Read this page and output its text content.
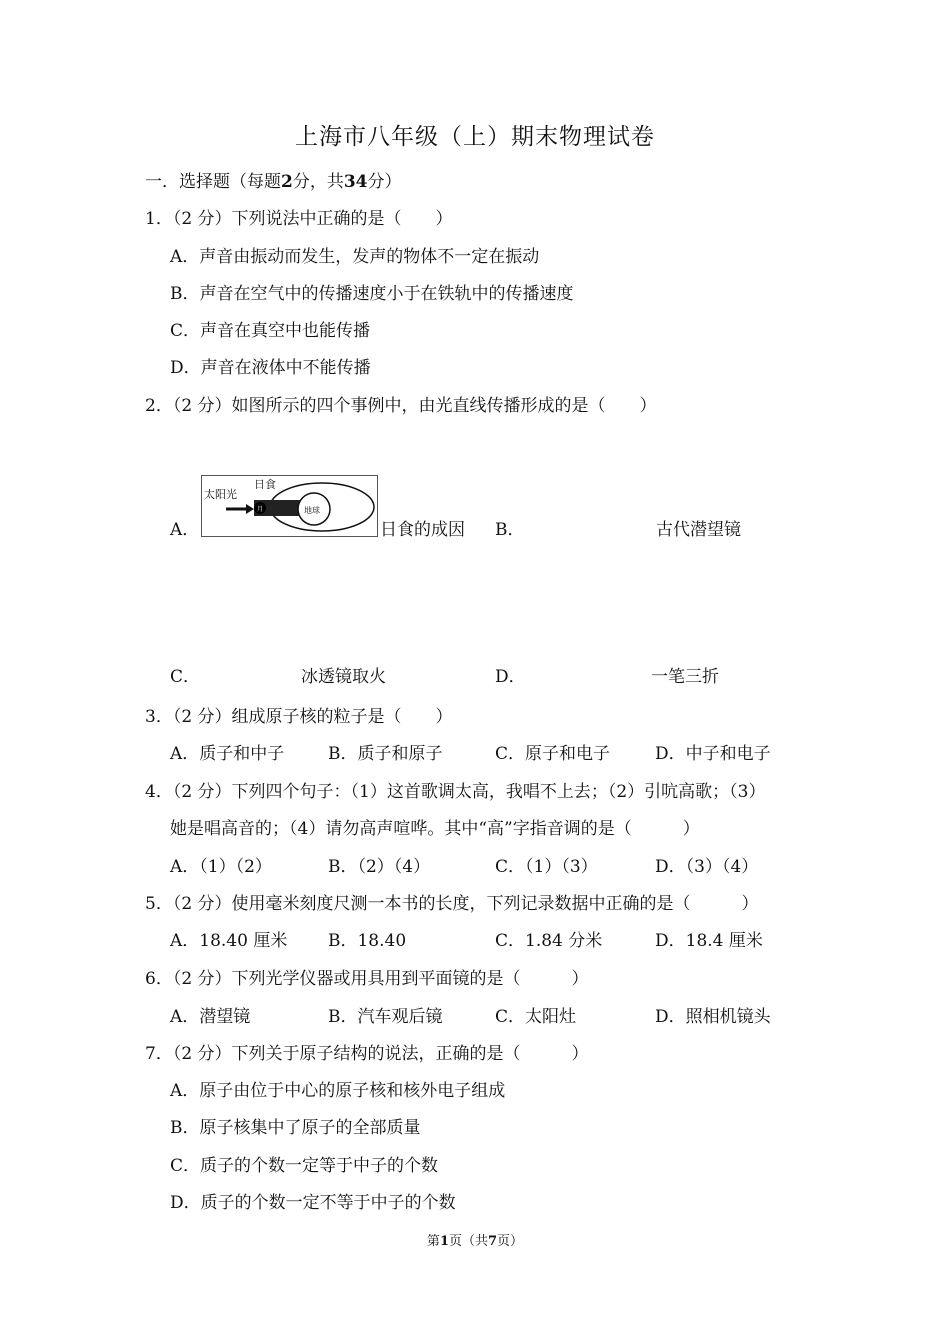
上海市八年级（上）期末物理试卷
一．选择题（每题2分，共34分）
1．（2 分）下列说法中正确的是（　　）
A．声音由振动而发生，发声的物体不一定在振动
B．声音在空气中的传播速度小于在铁轨中的传播速度
C．声音在真空中也能传播
D．声音在液体中不能传播
2．（2 分）如图所示的四个事例中，由光直线传播形成的是（　　）
A．
太阳光
日食
月	地球
日食的成因 B．	古代潜望镜
C．	冰透镜取火	D．	一笔三折
3．（2 分）组成原子核的粒子是（　　）
A．质子和中子	B．质子和原子	C．原子和电子	D．中子和电子
4．（2 分）下列四个句子：（1）这首歌调太高，我唱不上去；（2）引吭高歌；（3）
她是唱高音的；（4）请勿高声喧哗。其中“高”字指音调的是（　　　）
A．（1）（2）	B．（2）（4）	C．（1）（3）	D．（3）（4）
5．（2 分）使用毫米刻度尺测一本书的长度，下列记录数据中正确的是（　　　）
A．18.40 厘米 B．18.40	C．1.84 分米	D．18.4 厘米
6．（2 分）下列光学仪器或用具用到平面镜的是（　　　）
A．潜望镜	B．汽车观后镜	C．太阳灶	D．照相机镜头
7．（2 分）下列关于原子结构的说法，正确的是（　　　）
A．原子由位于中心的原子核和核外电子组成
B．原子核集中了原子的全部质量
C．质子的个数一定等于中子的个数
D．质子的个数一定不等于中子的个数
第1页（共7页）
